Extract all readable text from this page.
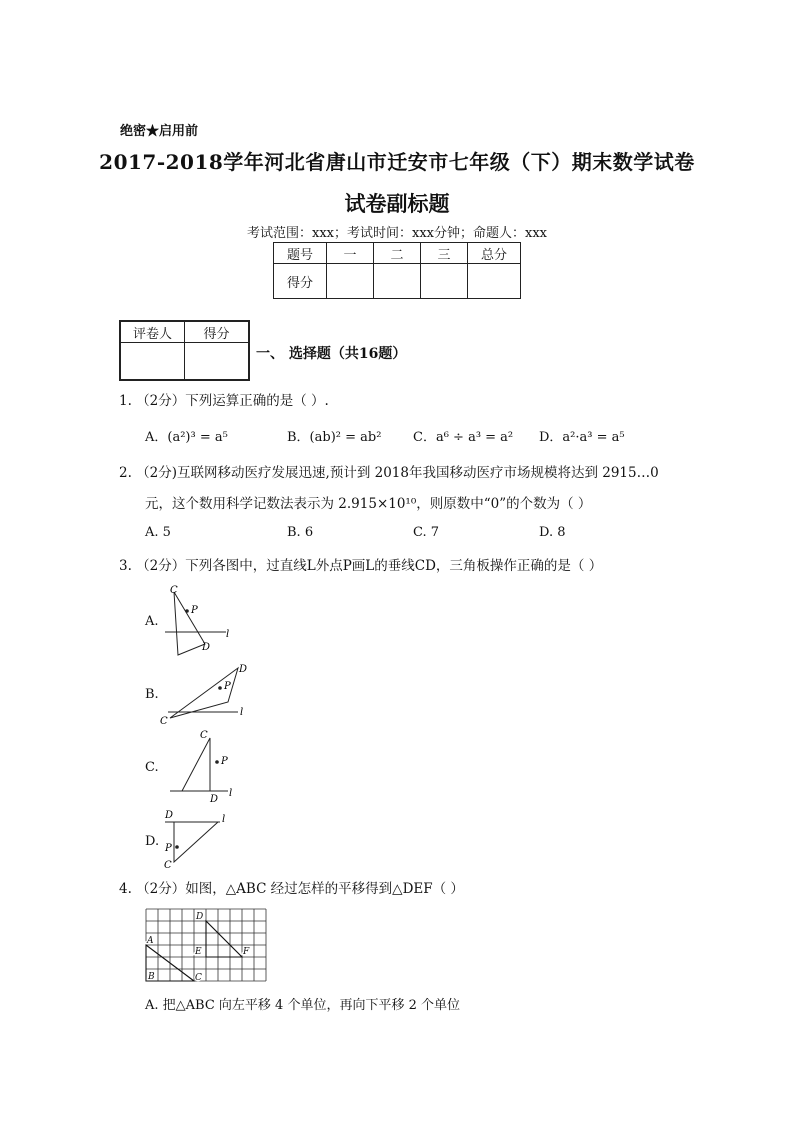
绝密★启用前
2017-2018学年河北省唐山市迁安市七年级（下）期末数学试卷
试卷副标题
考试范围：xxx；考试时间：xxx分钟；命题人：xxx
题号	一	二	三	总分
得分				
评卷人	得分

一、 选择题（共16题）
1. （2分）下列运算正确的是（ ）.
A．(a²)³ = a⁵	B．(ab)² = ab² C．a⁶ ÷ a³ = a² D．a²·a³ = a⁵
2. （2分)互联网移动医疗发展迅速,预计到 2018年我国移动医疗市场规模将达到 2915…0
元，这个数用科学记数法表示为 2.915×10¹⁰，则原数中“0”的个数为（ ）
A. 5	B. 6	C. 7	D. 8
3. （2分）下列各图中，过直线L外点P画L的垂线CD，三角板操作正确的是（ ）
A.
B.
C.
D.
C
P
D
l
D
P
C
l
C
P
D
l
D
P
C
l
4. （2分）如图，△ABC 经过怎样的平移得到△DEF（ ）
A
B	C
D
E	F
A. 把△ABC 向左平移 4 个单位，再向下平移 2 个单位
